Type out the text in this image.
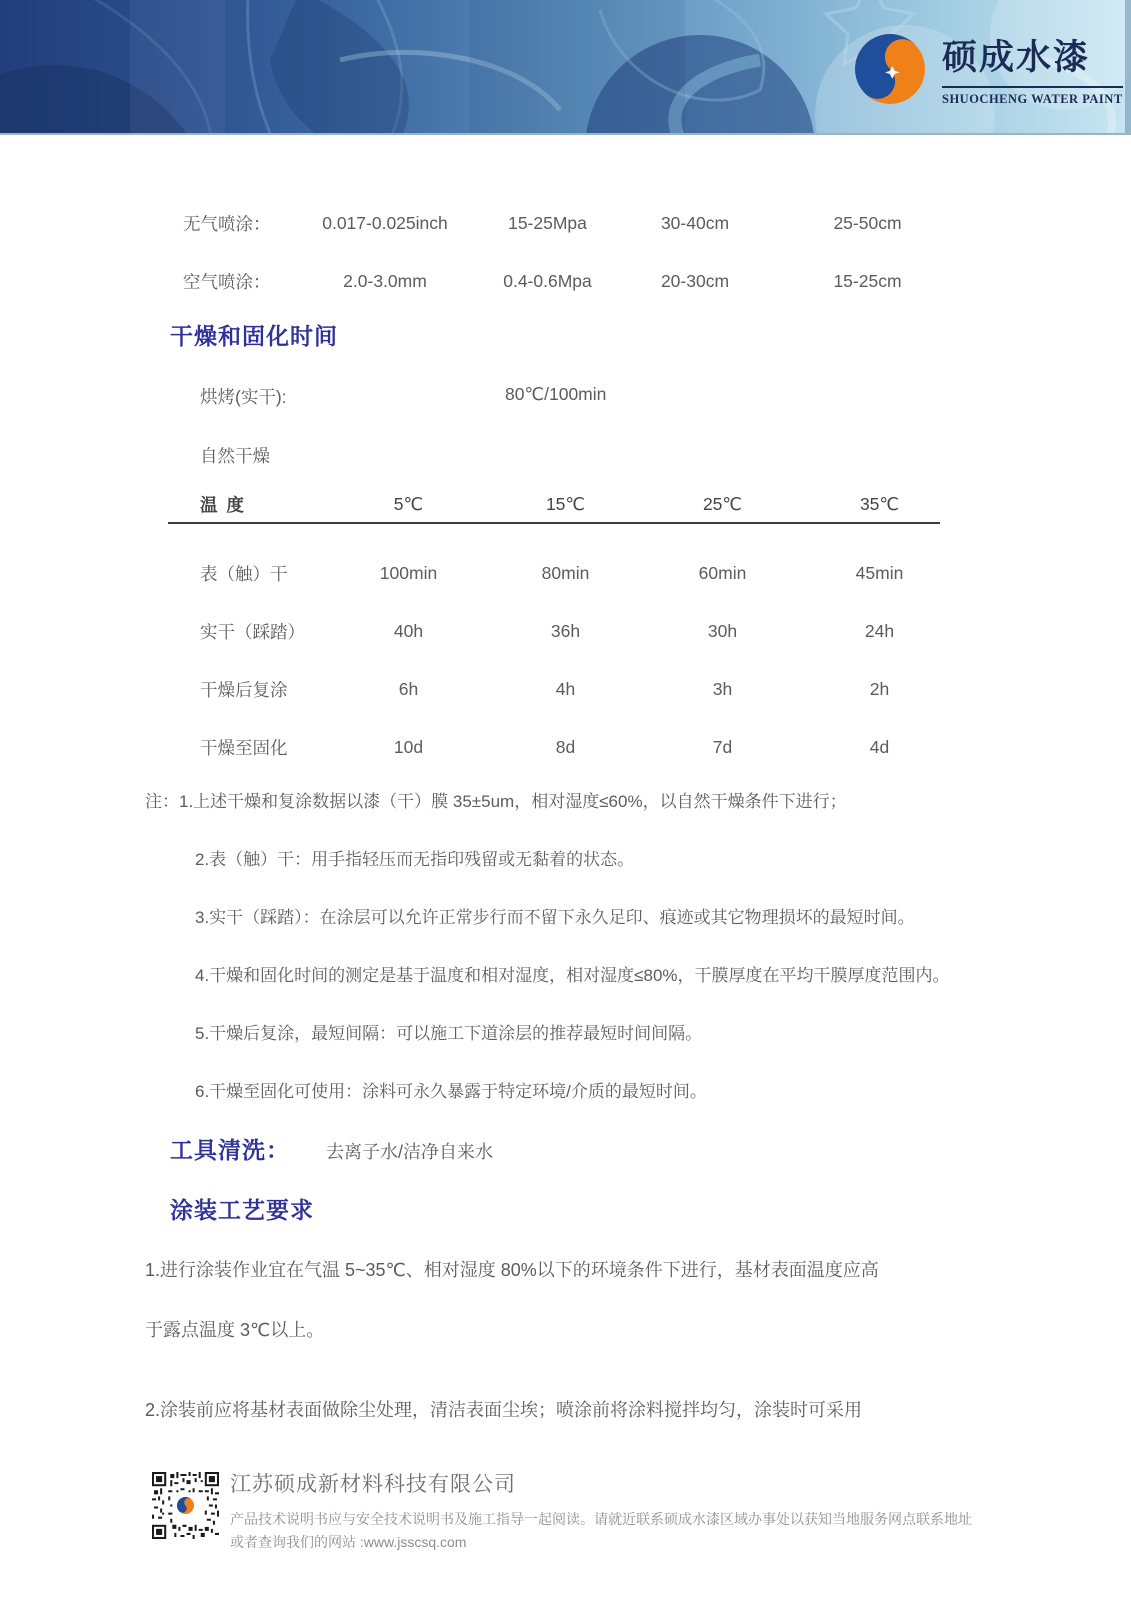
硕成水漆
SHUOCHENG WATER PAINT
无气喷涂：	0.017-0.025inch	15-25Mpa	30-40cm	25-50cm
空气喷涂：	2.0-3.0mm	0.4-0.6Mpa	20-30cm	15-25cm
干燥和固化时间
烘烤(实干):	80℃/100min
自然干燥
温 度	5℃	15℃	25℃	35℃
表（触）干	100min	80min	60min	45min
实干（踩踏）	40h	36h	30h	24h
干燥后复涂	6h	4h	3h	2h
干燥至固化	10d	8d	7d	4d
注：1.上述干燥和复涂数据以漆（干）膜 35±5um，相对湿度≤60%，以自然干燥条件下进行；
2.表（触）干：用手指轻压而无指印残留或无黏着的状态。
3.实干（踩踏）：在涂层可以允许正常步行而不留下永久足印、痕迹或其它物理损坏的最短时间。
4.干燥和固化时间的测定是基于温度和相对湿度，相对湿度≤80%，干膜厚度在平均干膜厚度范围内。
5.干燥后复涂，最短间隔：可以施工下道涂层的推荐最短时间间隔。
6.干燥至固化可使用：涂料可永久暴露于特定环境/介质的最短时间。
工具清洗： 去离子水/洁净自来水
涂装工艺要求
1.进行涂装作业宜在气温 5~35℃、相对湿度 80%以下的环境条件下进行，基材表面温度应高于露点温度 3℃以上。
2.涂装前应将基材表面做除尘处理，清洁表面尘埃；喷涂前将涂料搅拌均匀，涂装时可采用
江苏硕成新材料科技有限公司
产品技术说明书应与安全技术说明书及施工指导一起阅读。请就近联系硕成水漆区域办事处以获知当地服务网点联系地址
或者查询我们的网站 :www.jsscsq.com
